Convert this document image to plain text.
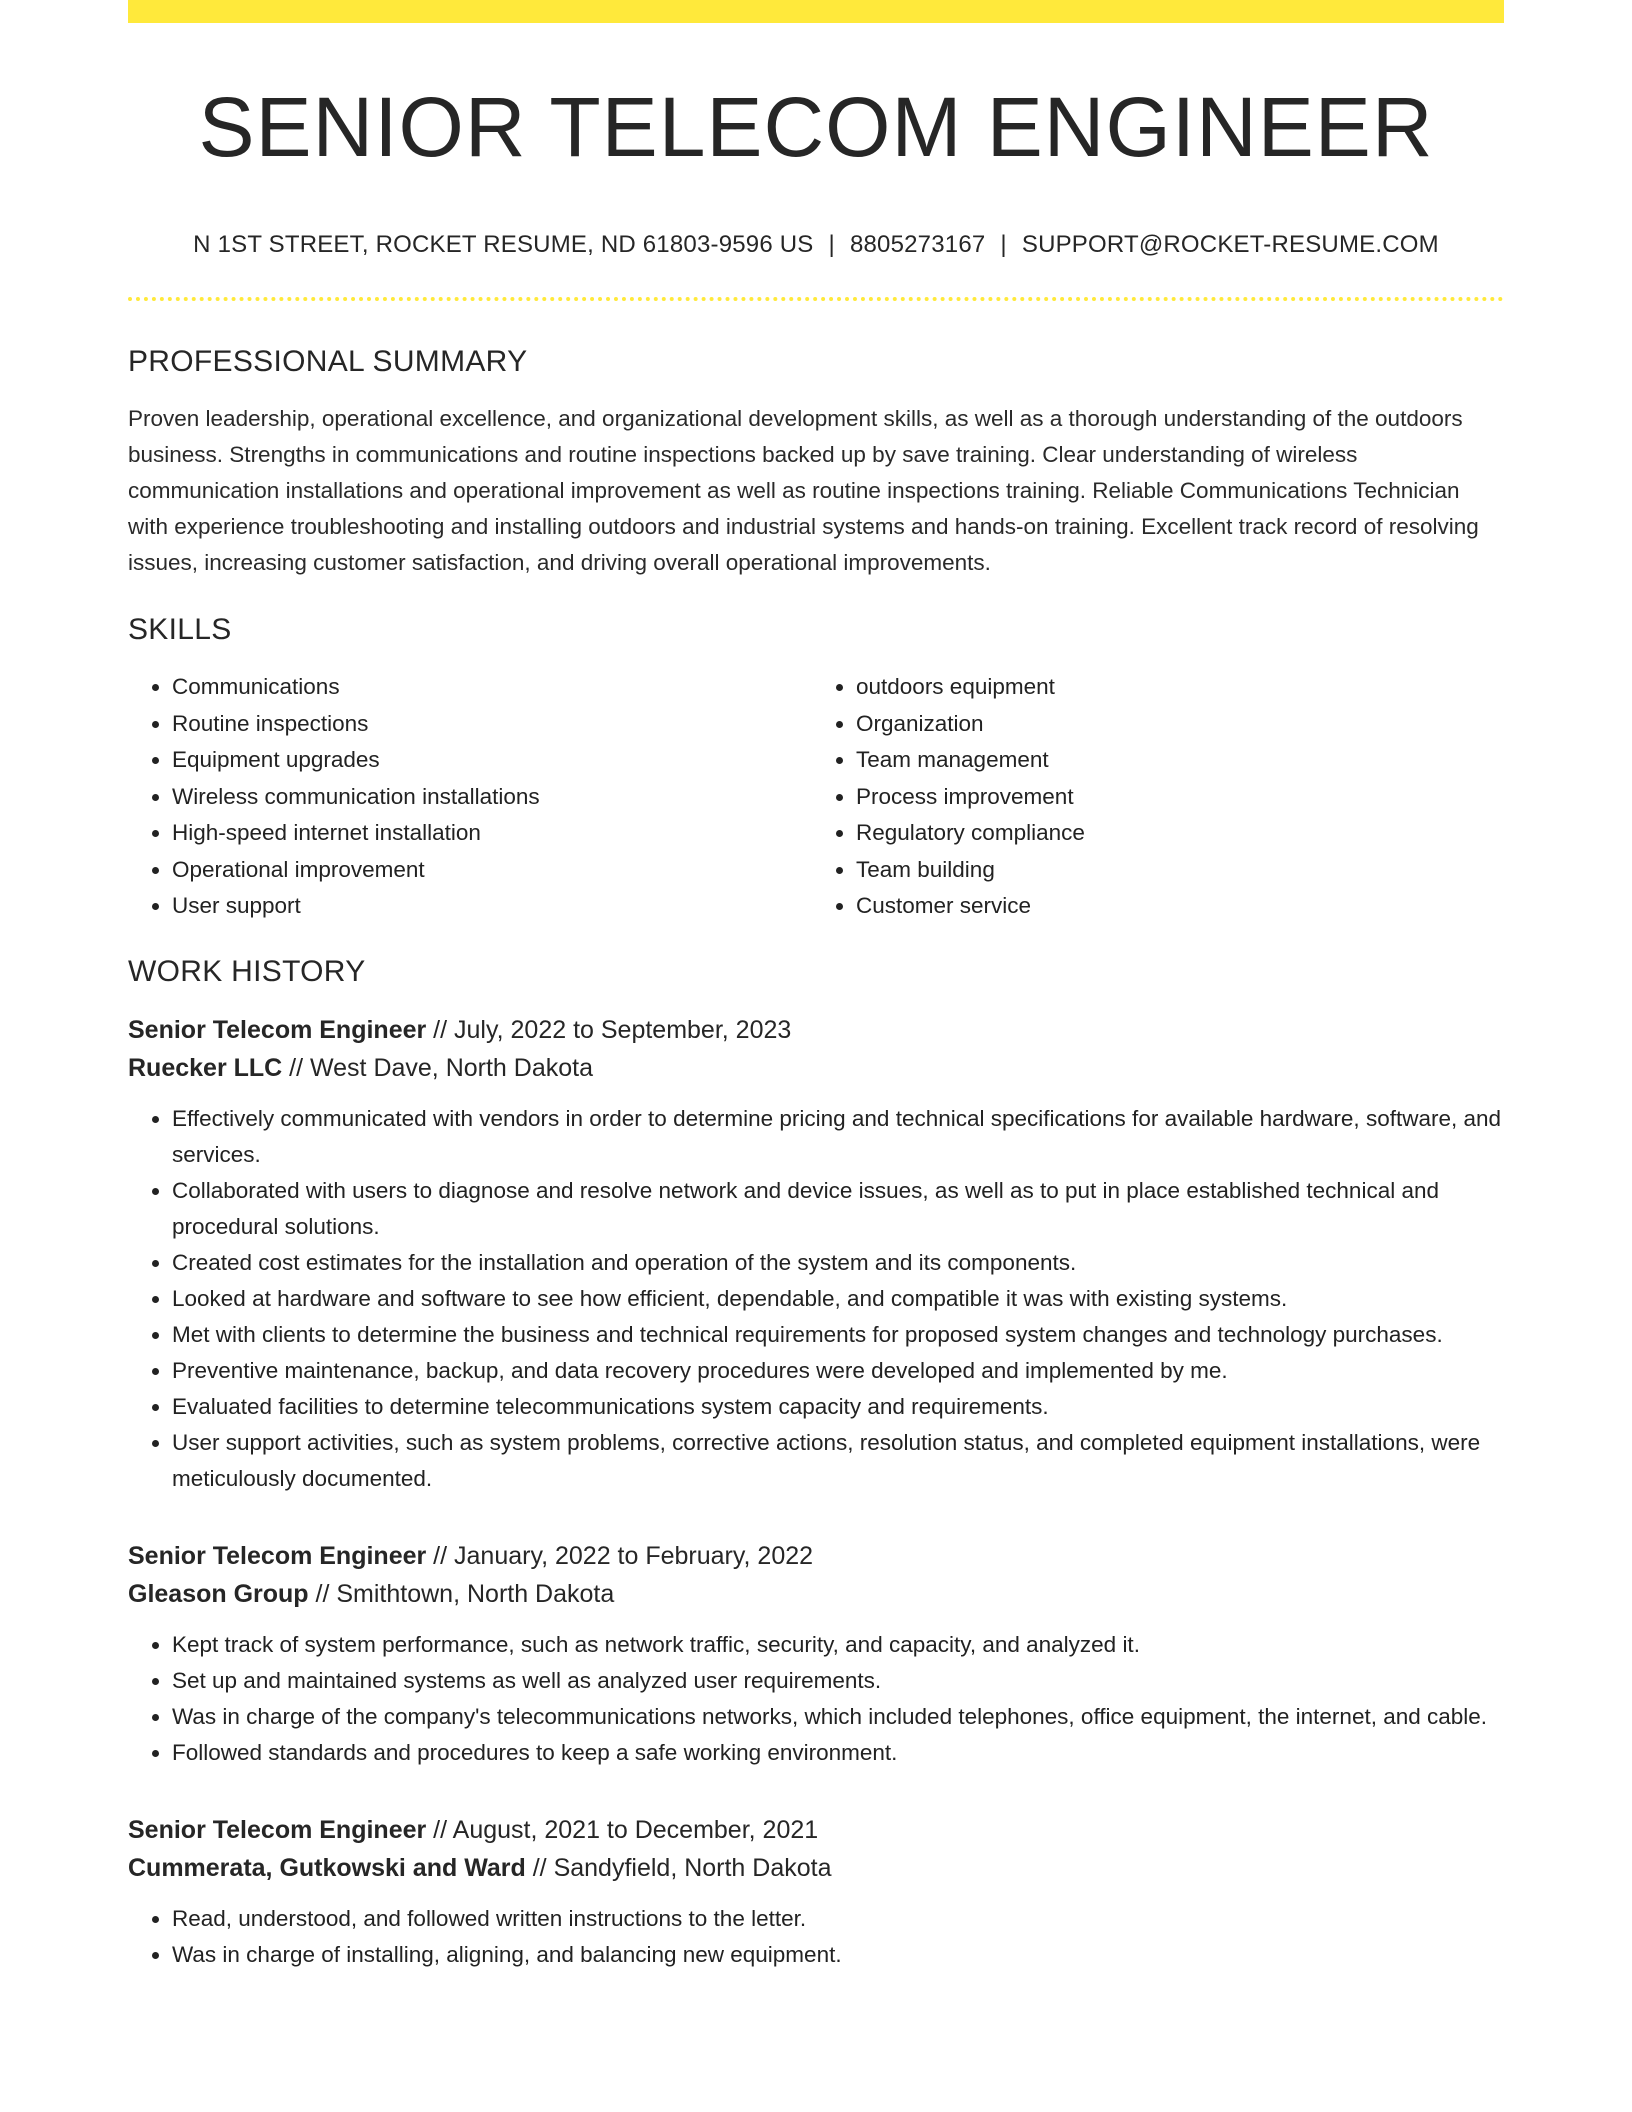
SENIOR TELECOM ENGINEER
N 1ST STREET, ROCKET RESUME, ND 61803-9596 US | 8805273167 | SUPPORT@ROCKET-RESUME.COM
PROFESSIONAL SUMMARY
Proven leadership, operational excellence, and organizational development skills, as well as a thorough understanding of the outdoors business. Strengths in communications and routine inspections backed up by save training. Clear understanding of wireless communication installations and operational improvement as well as routine inspections training. Reliable Communications Technician with experience troubleshooting and installing outdoors and industrial systems and hands-on training. Excellent track record of resolving issues, increasing customer satisfaction, and driving overall operational improvements.
SKILLS
• Communications
• Routine inspections
• Equipment upgrades
• Wireless communication installations
• High-speed internet installation
• Operational improvement
• User support
• outdoors equipment
• Organization
• Team management
• Process improvement
• Regulatory compliance
• Team building
• Customer service
WORK HISTORY
Senior Telecom Engineer // July, 2022 to September, 2023
Ruecker LLC // West Dave, North Dakota
• Effectively communicated with vendors in order to determine pricing and technical specifications for available hardware, software, and services.
• Collaborated with users to diagnose and resolve network and device issues, as well as to put in place established technical and procedural solutions.
• Created cost estimates for the installation and operation of the system and its components.
• Looked at hardware and software to see how efficient, dependable, and compatible it was with existing systems.
• Met with clients to determine the business and technical requirements for proposed system changes and technology purchases.
• Preventive maintenance, backup, and data recovery procedures were developed and implemented by me.
• Evaluated facilities to determine telecommunications system capacity and requirements.
• User support activities, such as system problems, corrective actions, resolution status, and completed equipment installations, were meticulously documented.
Senior Telecom Engineer // January, 2022 to February, 2022
Gleason Group // Smithtown, North Dakota
• Kept track of system performance, such as network traffic, security, and capacity, and analyzed it.
• Set up and maintained systems as well as analyzed user requirements.
• Was in charge of the company's telecommunications networks, which included telephones, office equipment, the internet, and cable.
• Followed standards and procedures to keep a safe working environment.
Senior Telecom Engineer // August, 2021 to December, 2021
Cummerata, Gutkowski and Ward // Sandyfield, North Dakota
• Read, understood, and followed written instructions to the letter.
• Was in charge of installing, aligning, and balancing new equipment.
